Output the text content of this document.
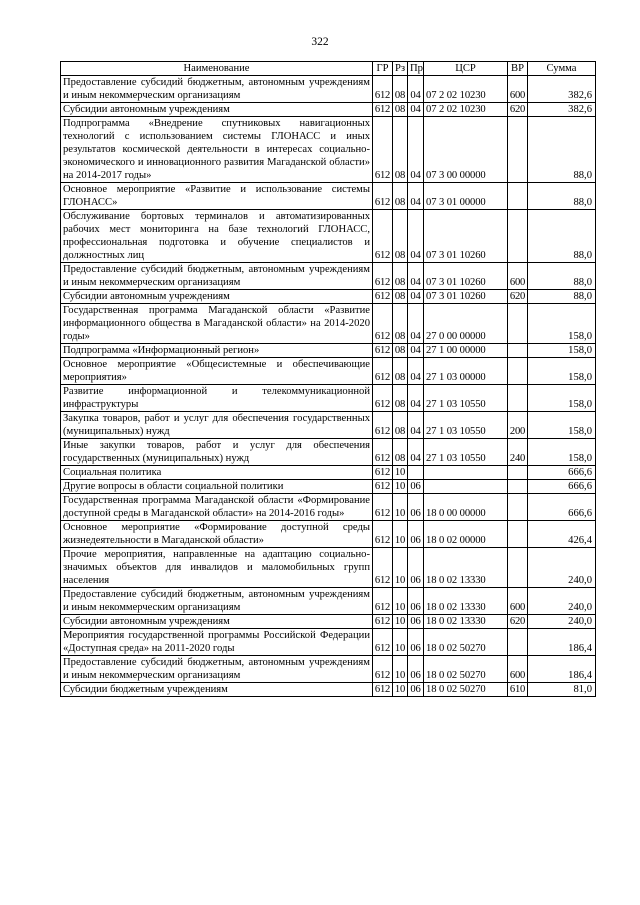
322
Наименование	ГР	Рз	Пр	ЦСР	ВР	Сумма
Предоставление субсидий бюджетным, автономным учреждениям и иным некоммерческим организациям	612	08	04	07 2 02 10230	600	382,6
Субсидии автономным учреждениям	612	08	04	07 2 02 10230	620	382,6
Подпрограмма «Внедрение спутниковых навигационных технологий с использованием системы ГЛОНАСС и иных результатов космической деятельности в интересах социально-экономического и инновационного развития Магаданской области» на 2014-2017 годы»	612	08	04	07 3 00 00000		88,0
Основное мероприятие «Развитие и использование системы ГЛОНАСС»	612	08	04	07 3 01 00000		88,0
Обслуживание бортовых терминалов и автоматизированных рабочих мест мониторинга на базе технологий ГЛОНАСС, профессиональная подготовка и обучение специалистов и должностных лиц	612	08	04	07 3 01 10260		88,0
Предоставление субсидий бюджетным, автономным учреждениям и иным некоммерческим организациям	612	08	04	07 3 01 10260	600	88,0
Субсидии автономным учреждениям	612	08	04	07 3 01 10260	620	88,0
Государственная программа Магаданской области «Развитие информационного общества в Магаданской области» на 2014-2020 годы»	612	08	04	27 0 00 00000		158,0
Подпрограмма «Информационный регион»	612	08	04	27 1 00 00000		158,0
Основное мероприятие «Общесистемные и обеспечивающие мероприятия»	612	08	04	27 1 03 00000		158,0
Развитие информационной и телекоммуникационной инфраструктуры	612	08	04	27 1 03 10550		158,0
Закупка товаров, работ и услуг для обеспечения государственных (муниципальных) нужд	612	08	04	27 1 03 10550	200	158,0
Иные закупки товаров, работ и услуг для обеспечения государственных (муниципальных) нужд	612	08	04	27 1 03 10550	240	158,0
Социальная политика	612	10				666,6
Другие вопросы в области социальной политики	612	10	06			666,6
Государственная программа Магаданской области «Формирование доступной среды в Магаданской области» на 2014-2016 годы»	612	10	06	18 0 00 00000		666,6
Основное мероприятие «Формирование доступной среды жизнедеятельности в Магаданской области»	612	10	06	18 0 02 00000		426,4
Прочие мероприятия, направленные на адаптацию социально-значимых объектов для инвалидов и маломобильных групп населения	612	10	06	18 0 02 13330		240,0
Предоставление субсидий бюджетным, автономным учреждениям и иным некоммерческим организациям	612	10	06	18 0 02 13330	600	240,0
Субсидии автономным учреждениям	612	10	06	18 0 02 13330	620	240,0
Мероприятия государственной программы Российской Федерации «Доступная среда» на 2011-2020 годы	612	10	06	18 0 02 50270		186,4
Предоставление субсидий бюджетным, автономным учреждениям и иным некоммерческим организациям	612	10	06	18 0 02 50270	600	186,4
Субсидии бюджетным учреждениям	612	10	06	18 0 02 50270	610	81,0
